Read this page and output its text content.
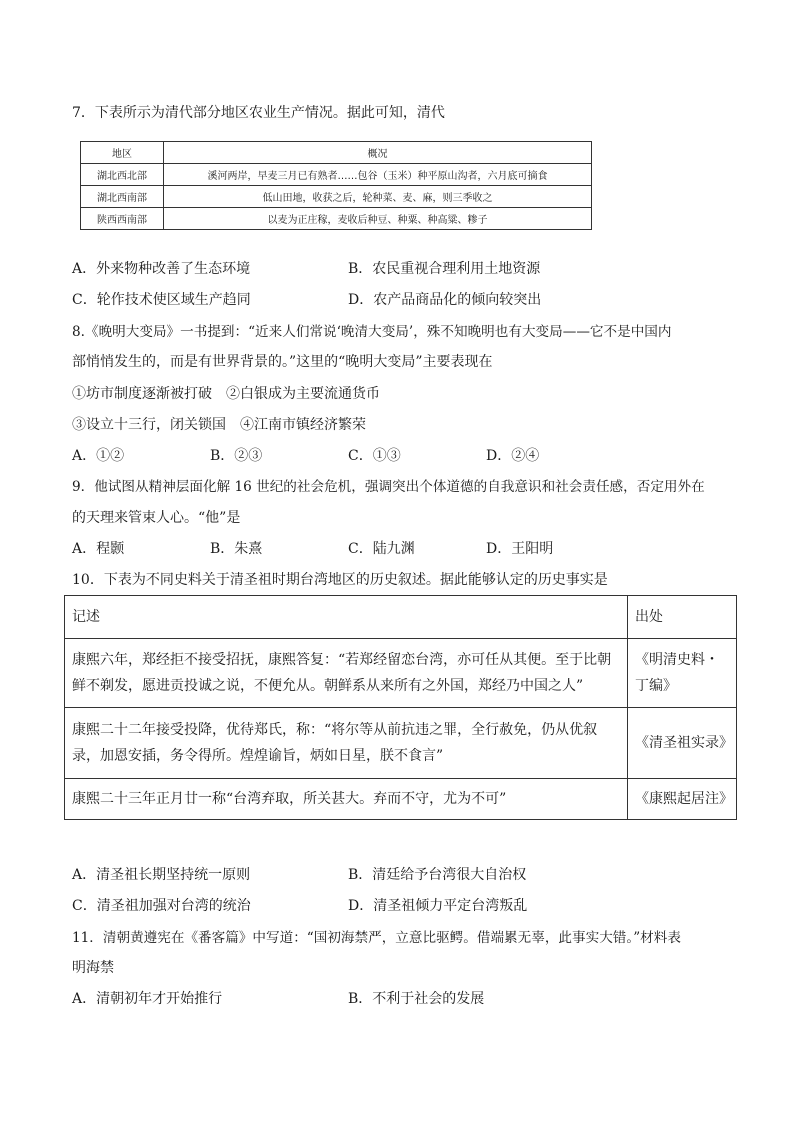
7．下表所示为清代部分地区农业生产情况。据此可知，清代
地区	概况
湖北西北部	溪河两岸，早麦三月已有熟者……包谷（玉米）种平原山沟者，六月底可摘食
湖北西南部	低山田地，收获之后，轮种菜、麦、麻，则三季收之
陕西西南部	以麦为正庄稼，麦收后种豆、种粟、种高粱、糁子
A．外来物种改善了生态环境	B．农民重视合理利用土地资源
C．轮作技术使区域生产趋同	D．农产品商品化的倾向较突出
8.《晚明大变局》一书提到：“近来人们常说‘晚清大变局’，殊不知晚明也有大变局——它不是中国内
部悄悄发生的，而是有世界背景的。”这里的“晚明大变局”主要表现在
①坊市制度逐渐被打破　②白银成为主要流通货币
③设立十三行，闭关锁国　④江南市镇经济繁荣
A．①②	B．②③	C．①③	D．②④
9．他试图从精神层面化解 16 世纪的社会危机，强调突出个体道德的自我意识和社会责任感，否定用外在
的天理来管束人心。“他”是
A．程颢	B．朱熹	C．陆九渊	D．王阳明
10．下表为不同史料关于清圣祖时期台湾地区的历史叙述。据此能够认定的历史事实是
记述	出处
康熙六年，郑经拒不接受招抚，康熙答复：“若郑经留恋台湾，亦可任从其便。至于比朝鲜不剃发，愿进贡投诚之说，不便允从。朝鲜系从来所有之外国，郑经乃中国之人”	《明清史料・丁编》
康熙二十二年接受投降，优待郑氏，称：“将尔等从前抗违之罪，全行赦免，仍从优叙录，加恩安插，务令得所。煌煌谕旨，炳如日星，朕不食言”	《清圣祖实录》
康熙二十三年正月廿一称“台湾弃取，所关甚大。弃而不守，尤为不可”	《康熙起居注》
A．清圣祖长期坚持统一原则	B．清廷给予台湾很大自治权
C．清圣祖加强对台湾的统治	D．清圣祖倾力平定台湾叛乱
11．清朝黄遵宪在《番客篇》中写道：“国初海禁严，立意比驱鳄。借端累无辜，此事实大错。”材料表
明海禁
A．清朝初年才开始推行	B．不利于社会的发展
